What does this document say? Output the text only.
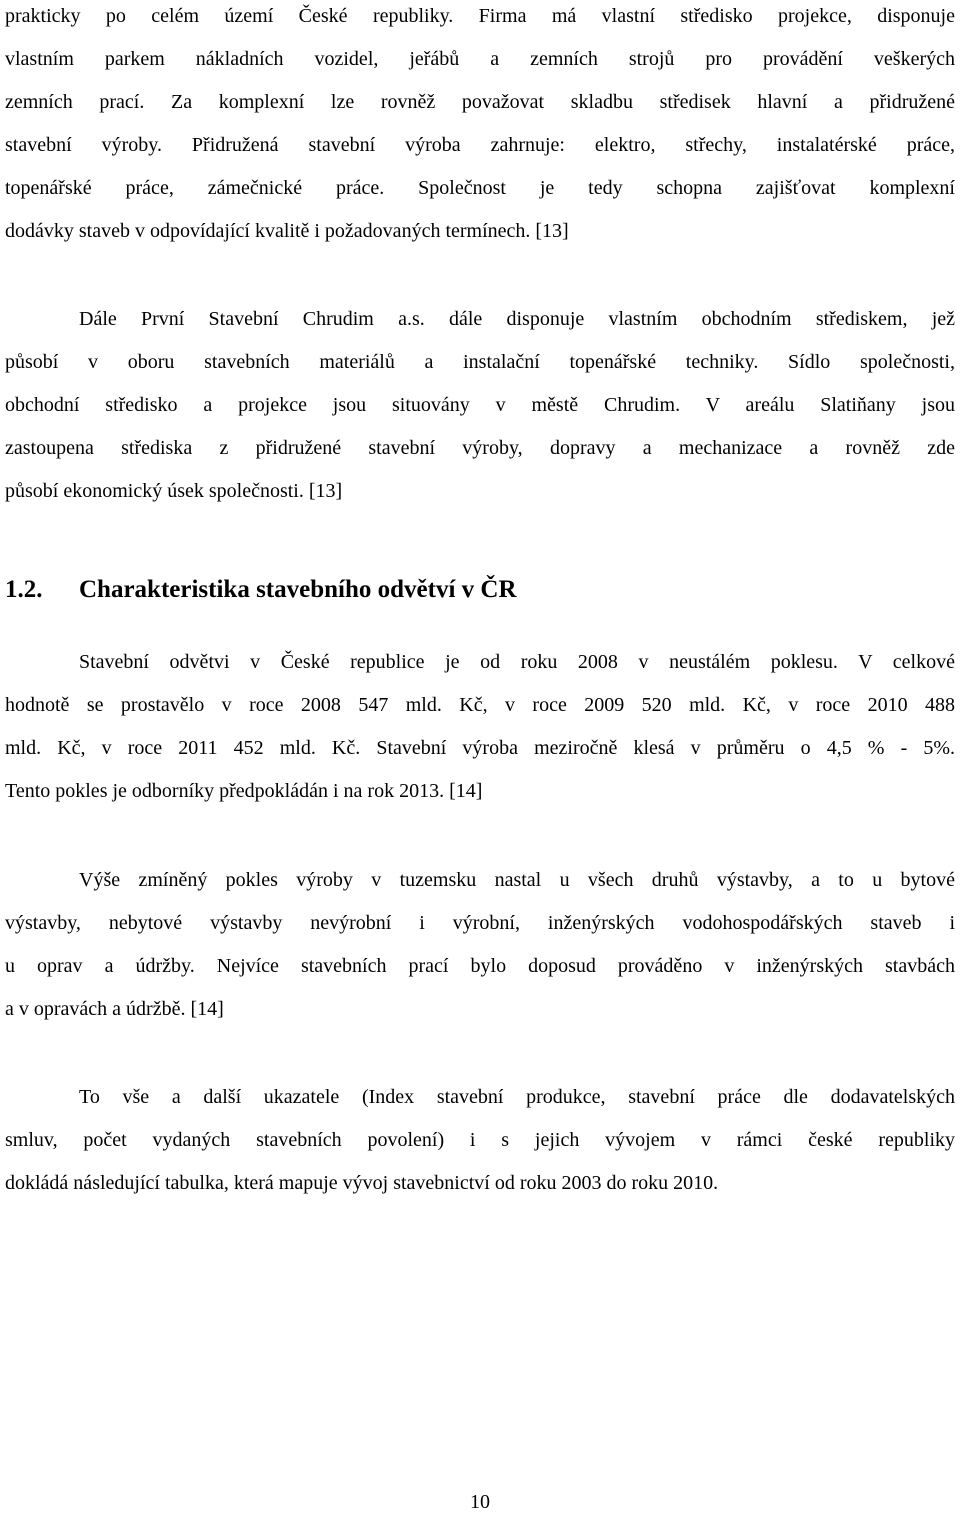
prakticky po celém území České republiky. Firma má vlastní středisko projekce, disponuje
vlastním parkem nákladních vozidel, jeřábů a zemních strojů pro provádění veškerých
zemních prací. Za komplexní lze rovněž považovat skladbu středisek hlavní a přidružené
stavební výroby. Přidružená stavební výroba zahrnuje: elektro, střechy, instalatérské práce,
topenářské práce, zámečnické práce. Společnost je tedy schopna zajišťovat komplexní
dodávky staveb v odpovídající kvalitě i požadovaných termínech. [13]
Dále První Stavební Chrudim a.s. dále disponuje vlastním obchodním střediskem, jež
působí v oboru stavebních materiálů a instalační topenářské techniky. Sídlo společnosti,
obchodní středisko a projekce jsou situovány v městě Chrudim. V areálu Slatiňany jsou
zastoupena střediska z přidružené stavební výroby, dopravy a mechanizace a rovněž zde
působí ekonomický úsek společnosti. [13]
1.2. Charakteristika stavebního odvětví v ČR
Stavební odvětvi v České republice je od roku 2008 v neustálém poklesu. V celkové
hodnotě se prostavělo v roce 2008 547 mld. Kč, v roce 2009 520 mld. Kč, v roce 2010 488
mld. Kč, v roce 2011 452 mld. Kč. Stavební výroba meziročně klesá v průměru o 4,5 % - 5%.
Tento pokles je odborníky předpokládán i na rok 2013. [14]
Výše zmíněný pokles výroby v tuzemsku nastal u všech druhů výstavby, a to u bytové
výstavby, nebytové výstavby nevýrobní i výrobní, inženýrských vodohospodářských staveb i
u oprav a údržby. Nejvíce stavebních prací bylo doposud prováděno v inženýrských stavbách
a v opravách a údržbě. [14]
To vše a další ukazatele (Index stavební produkce, stavební práce dle dodavatelských
smluv, počet vydaných stavebních povolení) i s jejich vývojem v rámci české republiky
dokládá následující tabulka, která mapuje vývoj stavebnictví od roku 2003 do roku 2010.
10
